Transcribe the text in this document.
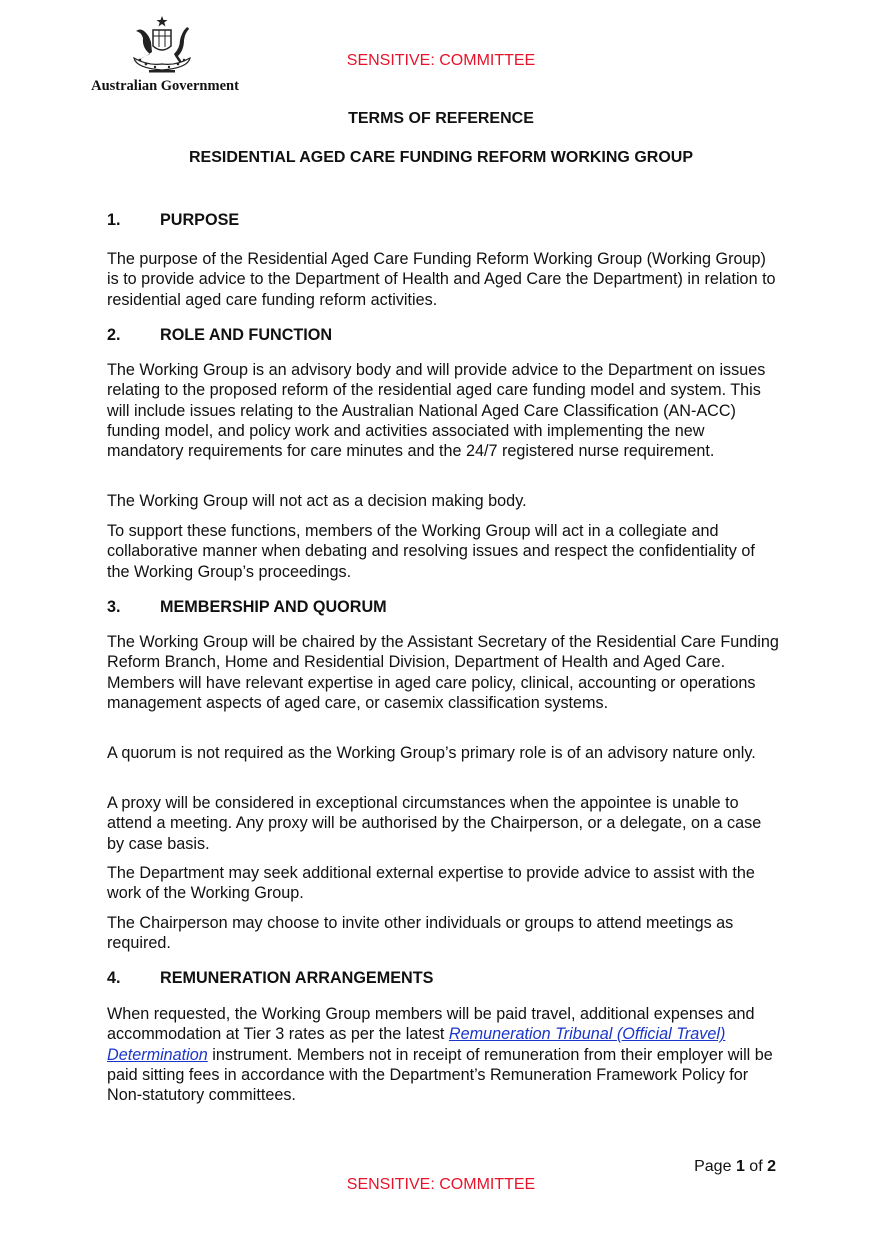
Australian Government
SENSITIVE: COMMITTEE
TERMS OF REFERENCE
RESIDENTIAL AGED CARE FUNDING REFORM WORKING GROUP
1.	PURPOSE

The purpose of the Residential Aged Care Funding Reform Working Group (Working Group) is to provide advice to the Department of Health and Aged Care the Department) in relation to residential aged care funding reform activities.

2.	ROLE AND FUNCTION

The Working Group is an advisory body and will provide advice to the Department on issues relating to the proposed reform of the residential aged care funding model and system. This will include issues relating to the Australian National Aged Care Classification (AN-ACC) funding model, and policy work and activities associated with implementing the new mandatory requirements for care minutes and the 24/7 registered nurse requirement.

The Working Group will not act as a decision making body.

To support these functions, members of the Working Group will act in a collegiate and collaborative manner when debating and resolving issues and respect the confidentiality of the Working Group’s proceedings.

3.	MEMBERSHIP AND QUORUM

The Working Group will be chaired by the Assistant Secretary of the Residential Care Funding Reform Branch, Home and Residential Division, Department of Health and Aged Care. Members will have relevant expertise in aged care policy, clinical, accounting or operations management aspects of aged care, or casemix classification systems.

A quorum is not required as the Working Group’s primary role is of an advisory nature only.

A proxy will be considered in exceptional circumstances when the appointee is unable to attend a meeting. Any proxy will be authorised by the Chairperson, or a delegate, on a case by case basis.

The Department may seek additional external expertise to provide advice to assist with the work of the Working Group.

The Chairperson may choose to invite other individuals or groups to attend meetings as required.

4.	REMUNERATION ARRANGEMENTS

When requested, the Working Group members will be paid travel, additional expenses and accommodation at Tier 3 rates as per the latest Remuneration Tribunal (Official Travel) Determination instrument. Members not in receipt of remuneration from their employer will be paid sitting fees in accordance with the Department’s Remuneration Framework Policy for Non-statutory committees.

Page 1 of 2
SENSITIVE: COMMITTEE
